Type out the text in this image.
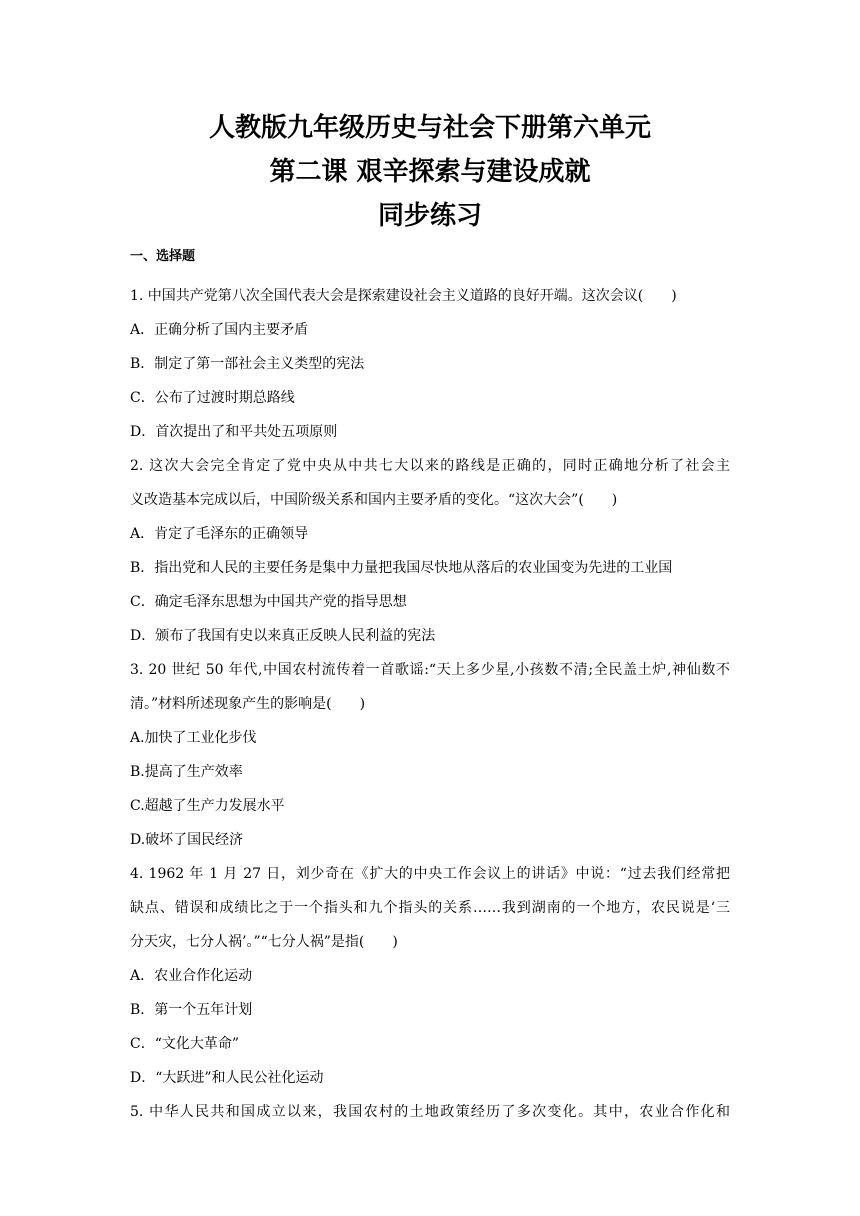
人教版九年级历史与社会下册第六单元
第二课 艰辛探索与建设成就
同步练习
一、选择题
1. 中国共产党第八次全国代表大会是探索建设社会主义道路的良好开端。这次会议(　　)
A．正确分析了国内主要矛盾
B．制定了第一部社会主义类型的宪法
C．公布了过渡时期总路线
D．首次提出了和平共处五项原则
2. 这次大会完全肯定了党中央从中共七大以来的路线是正确的，同时正确地分析了社会主
义改造基本完成以后，中国阶级关系和国内主要矛盾的变化。“这次大会”(　　)
A．肯定了毛泽东的正确领导
B．指出党和人民的主要任务是集中力量把我国尽快地从落后的农业国变为先进的工业国
C．确定毛泽东思想为中国共产党的指导思想
D．颁布了我国有史以来真正反映人民利益的宪法
3. 20 世纪 50 年代,中国农村流传着一首歌谣:“天上多少星,小孩数不清;全民盖土炉,神仙数不
清。”材料所述现象产生的影响是(　　)
A.加快了工业化步伐
B.提高了生产效率
C.超越了生产力发展水平
D.破坏了国民经济
4. 1962 年 1 月 27 日，刘少奇在《扩大的中央工作会议上的讲话》中说：“过去我们经常把
缺点、错误和成绩比之于一个指头和九个指头的关系……我到湖南的一个地方，农民说是‘三
分天灾，七分人祸’。”“七分人祸”是指(　　)
A．农业合作化运动
B．第一个五年计划
C．“文化大革命”
D．“大跃进”和人民公社化运动
5. 中华人民共和国成立以来，我国农村的土地政策经历了多次变化。其中，农业合作化和
